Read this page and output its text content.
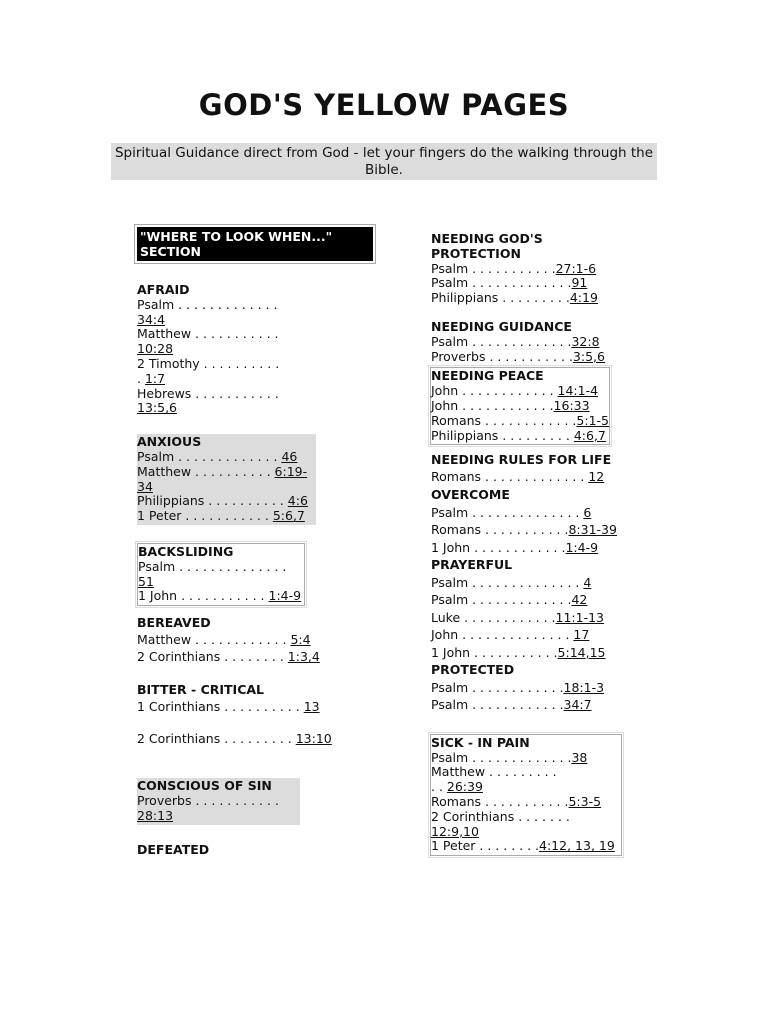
GOD'S YELLOW PAGES
Spiritual Guidance direct from God - let your fingers do the walking through the Bible.
"WHERE TO LOOK WHEN..." SECTION
AFRAID
Psalm . . . . . . . . . . . . . 34:4
Matthew . . . . . . . . . . . 10:28
2 Timothy . . . . . . . . . . . 1:7
Hebrews . . . . . . . . . . . 13:5,6
ANXIOUS
Psalm . . . . . . . . . . . . . 46
Matthew . . . . . . . . . . 6:19-34
Philippians . . . . . . . . . . 4:6
1 Peter . . . . . . . . . . . 5:6,7
BACKSLIDING
Psalm . . . . . . . . . . . . . . 51
1 John . . . . . . . . . . . 1:4-9
BEREAVED
Matthew . . . . . . . . . . . . 5:4
2 Corinthians . . . . . . . . 1:3,4
BITTER - CRITICAL
1 Corinthians . . . . . . . . . . 13
2 Corinthians . . . . . . . . . 13:10
CONSCIOUS OF SIN
Proverbs . . . . . . . . . . . 28:13
DEFEATED
NEEDING GOD'S PROTECTION
Psalm . . . . . . . . . . .27:1-6
Psalm . . . . . . . . . . . . .91
Philippians . . . . . . . . .4:19
NEEDING GUIDANCE
Psalm . . . . . . . . . . . . .32:8
Proverbs . . . . . . . . . . .3:5,6
NEEDING PEACE
John . . . . . . . . . . . . 14:1-4
John . . . . . . . . . . . .16:33
Romans . . . . . . . . . . . .5:1-5
Philippians . . . . . . . . . 4:6,7
NEEDING RULES FOR LIFE
Romans . . . . . . . . . . . . . 12
OVERCOME
Psalm . . . . . . . . . . . . . . 6
Romans . . . . . . . . . . .8:31-39
1 John . . . . . . . . . . . .1:4-9
PRAYERFUL
Psalm . . . . . . . . . . . . . . 4
Psalm . . . . . . . . . . . . .42
Luke . . . . . . . . . . . .11:1-13
John . . . . . . . . . . . . . . 17
1 John . . . . . . . . . . .5:14,15
PROTECTED
Psalm . . . . . . . . . . . .18:1-3
Psalm . . . . . . . . . . . .34:7
SICK - IN PAIN
Psalm . . . . . . . . . . . . .38
Matthew . . . . . . . . . . . 26:39
Romans . . . . . . . . . . .5:3-5
2 Corinthians . . . . . . . 12:9,10
1 Peter . . . . . . . .4:12, 13, 19
